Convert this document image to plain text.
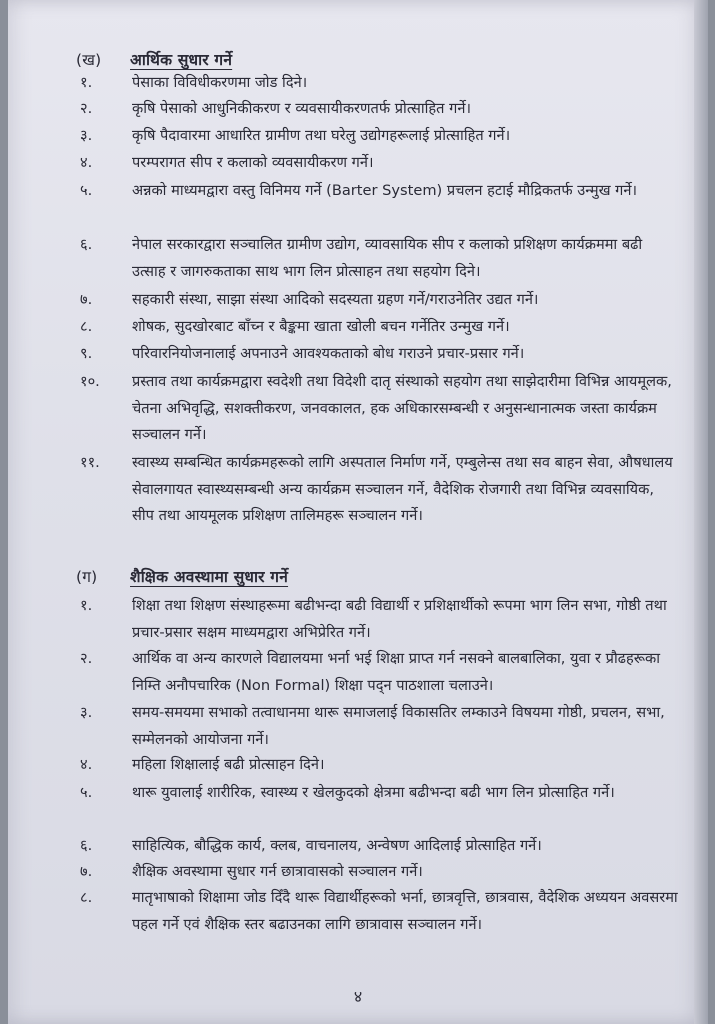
(ख) आर्थिक सुधार गर्ने
१.	पेसाका विविधीकरणमा जोड दिने।
२.	कृषि पेसाको आधुनिकीकरण र व्यवसायीकरणतर्फ प्रोत्साहित गर्ने।
३.	कृषि पैदावारमा आधारित ग्रामीण तथा घरेलु उद्योगहरूलाई प्रोत्साहित गर्ने।
४.	परम्परागत सीप र कलाको व्यवसायीकरण गर्ने।
५.	अन्नको माध्यमद्वारा वस्तु विनिमय गर्ने (Barter System) प्रचलन हटाई मौद्रिकतर्फ उन्मुख गर्ने।
६.	नेपाल सरकारद्वारा सञ्चालित ग्रामीण उद्योग, व्यावसायिक सीप र कलाको प्रशिक्षण कार्यक्रममा बढी उत्साह र जागरुकताका साथ भाग लिन प्रोत्साहन तथा सहयोग दिने।
७.	सहकारी संस्था, साझा संस्था आदिको सदस्यता ग्रहण गर्ने/गराउनेतिर उद्यत गर्ने।
८.	शोषक, सुदखोरबाट बाँच्न र बैङ्कमा खाता खोली बचन गर्नेतिर उन्मुख गर्ने।
९.	परिवारनियोजनालाई अपनाउने आवश्यकताको बोध गराउने प्रचार-प्रसार गर्ने।
१०.	प्रस्ताव तथा कार्यक्रमद्वारा स्वदेशी तथा विदेशी दातृ संस्थाको सहयोग तथा साझेदारीमा विभिन्न आयमूलक, चेतना अभिवृद्धि, सशक्तीकरण, जनवकालत, हक अधिकारसम्बन्धी र अनुसन्धानात्मक जस्ता कार्यक्रम सञ्चालन गर्ने।
११.	स्वास्थ्य सम्बन्धित कार्यक्रमहरूको लागि अस्पताल निर्माण गर्ने, एम्बुलेन्स तथा सव बाहन सेवा, औषधालय सेवालगायत स्वास्थ्यसम्बन्धी अन्य कार्यक्रम सञ्चालन गर्ने, वैदेशिक रोजगारी तथा विभिन्न व्यवसायिक, सीप तथा आयमूलक प्रशिक्षण तालिमहरू सञ्चालन गर्ने।
(ग) शैक्षिक अवस्थामा सुधार गर्ने
१.	शिक्षा तथा शिक्षण संस्थाहरूमा बढीभन्दा बढी विद्यार्थी र प्रशिक्षार्थीको रूपमा भाग लिन सभा, गोष्ठी तथा प्रचार-प्रसार सक्षम माध्यमद्वारा अभिप्रेरित गर्ने।
२.	आर्थिक वा अन्य कारणले विद्यालयमा भर्ना भई शिक्षा प्राप्त गर्न नसक्ने बालबालिका, युवा र प्रौढहरूका निम्ति अनौपचारिक (Non Formal) शिक्षा पद्न पाठशाला चलाउने।
३.	समय-समयमा सभाको तत्वाधानमा थारू समाजलाई विकासतिर लम्काउने विषयमा गोष्ठी, प्रचलन, सभा, सम्मेलनको आयोजना गर्ने।
४.	महिला शिक्षालाई बढी प्रोत्साहन दिने।
५.	थारू युवालाई शारीरिक, स्वास्थ्य र खेलकुदको क्षेत्रमा बढीभन्दा बढी भाग लिन प्रोत्साहित गर्ने।
६.	साहित्यिक, बौद्धिक कार्य, क्लब, वाचनालय, अन्वेषण आदिलाई प्रोत्साहित गर्ने।
७.	शैक्षिक अवस्थामा सुधार गर्न छात्रावासको सञ्चालन गर्ने।
८.	मातृभाषाको शिक्षामा जोड दिँदै थारू विद्यार्थीहरूको भर्ना, छात्रवृत्ति, छात्रवास, वैदेशिक अध्ययन अवसरमा पहल गर्ने एवं शैक्षिक स्तर बढाउनका लागि छात्रावास सञ्चालन गर्ने।
४
